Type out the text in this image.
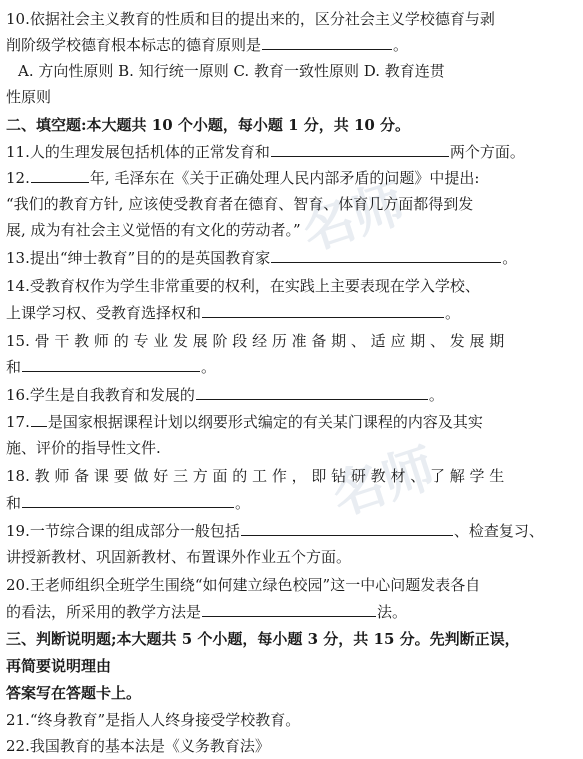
名师
名师
10.依据社会主义教育的性质和目的提出来的，区分社会主义学校德育与剥
削阶级学校德育根本标志的德育原则是	。
A. 方向性原则 B. 知行统一原则 C. 教育一致性原则 D. 教育连贯
性原则
二、填空题:本大题共 10 个小题，每小题 1 分，共 10 分。
11.人的生理发展包括机体的正常发育和	两个方面。
12.	年, 毛泽东在《关于正确处理人民内部矛盾的问题》中提出:
“我们的教育方针, 应该使受教育者在德育、智育、体育几方面都得到发
展, 成为有社会主义觉悟的有文化的劳动者。”
13.提出“绅士教育”目的的是英国教育家	。
14.受教育权作为学生非常重要的权利，在实践上主要表现在学入学校、
上课学习权、受教育选择权和	。
15. 骨 干 教 师 的 专 业 发 展 阶 段 经 历 准 备 期 、 适 应 期 、 发 展 期
和	。
16.学生是自我教育和发展的	。
17. 是国家根据课程计划以纲要形式编定的有关某门课程的内容及其实
施、评价的指导性文件.
18. 教 师 备 课 要 做 好 三 方 面 的 工 作 ， 即 钻 研 教 材 、 了 解 学 生
和	。
19.一节综合课的组成部分一般包括	、检查复习、
讲授新教材、巩固新教材、布置课外作业五个方面。
20.王老师组织全班学生围绕“如何建立绿色校园”这一中心问题发表各自
的看法，所采用的教学方法是	法。
三、判断说明题;本大题共 5 个小题，每小题 3 分，共 15 分。先判断正误，
再简要说明理由
答案写在答题卡上。
21.“终身教育”是指人人终身接受学校教育。
22.我国教育的基本法是《义务教育法》
